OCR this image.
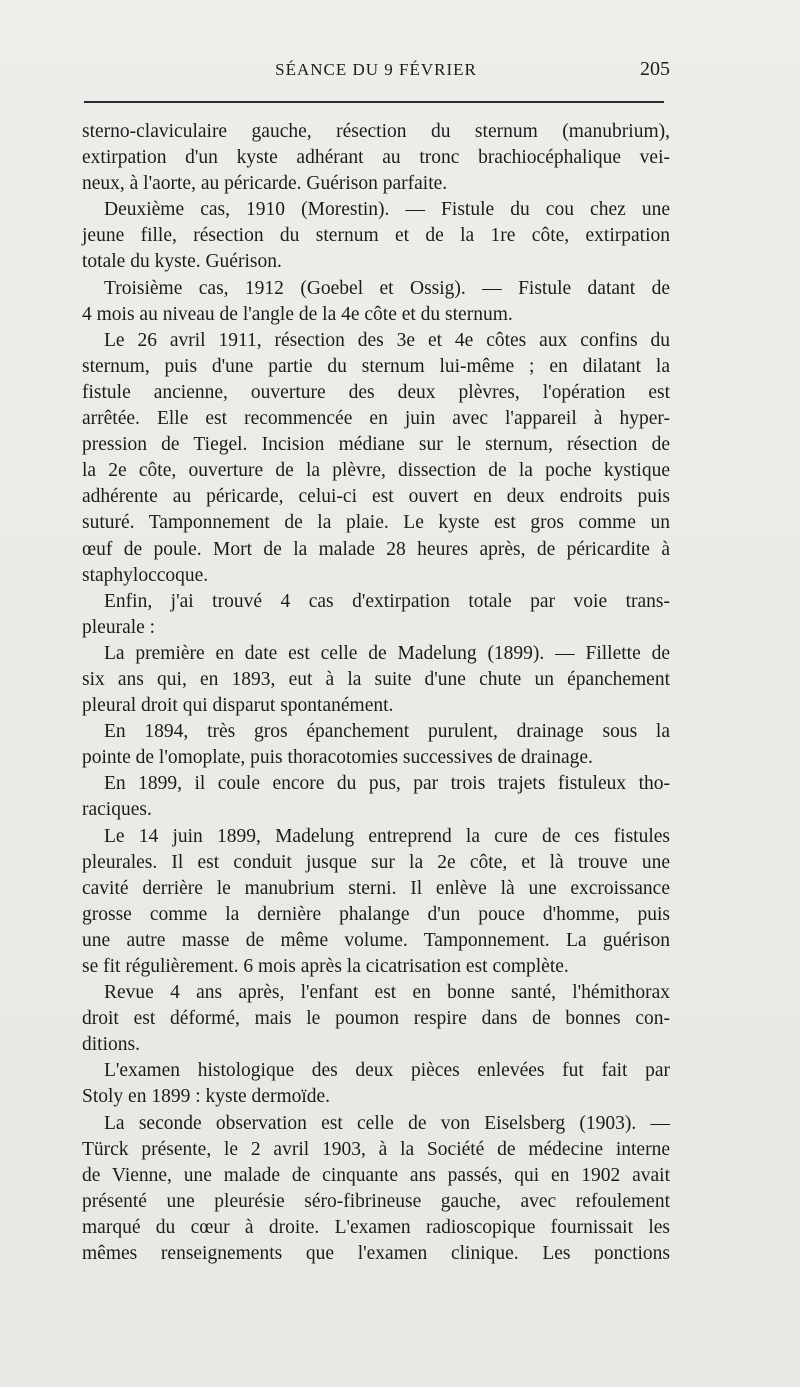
SÉANCE DU 9 FÉVRIER	205
sterno-claviculaire gauche, résection du sternum (manubrium),
extirpation d'un kyste adhérant au tronc brachiocéphalique vei-
neux, à l'aorte, au péricarde. Guérison parfaite.
Deuxième cas, 1910 (Morestin). — Fistule du cou chez une
jeune fille, résection du sternum et de la 1re côte, extirpation
totale du kyste. Guérison.
Troisième cas, 1912 (Goebel et Ossig). — Fistule datant de
4 mois au niveau de l'angle de la 4e côte et du sternum.
Le 26 avril 1911, résection des 3e et 4e côtes aux confins du
sternum, puis d'une partie du sternum lui-même ; en dilatant la
fistule ancienne, ouverture des deux plèvres, l'opération est
arrêtée. Elle est recommencée en juin avec l'appareil à hyper-
pression de Tiegel. Incision médiane sur le sternum, résection de
la 2e côte, ouverture de la plèvre, dissection de la poche kystique
adhérente au péricarde, celui-ci est ouvert en deux endroits puis
suturé. Tamponnement de la plaie. Le kyste est gros comme un
œuf de poule. Mort de la malade 28 heures après, de péricardite à
staphyloccoque.
Enfin, j'ai trouvé 4 cas d'extirpation totale par voie trans-
pleurale :
La première en date est celle de Madelung (1899). — Fillette de
six ans qui, en 1893, eut à la suite d'une chute un épanchement
pleural droit qui disparut spontanément.
En 1894, très gros épanchement purulent, drainage sous la
pointe de l'omoplate, puis thoracotomies successives de drainage.
En 1899, il coule encore du pus, par trois trajets fistuleux tho-
raciques.
Le 14 juin 1899, Madelung entreprend la cure de ces fistules
pleurales. Il est conduit jusque sur la 2e côte, et là trouve une
cavité derrière le manubrium sterni. Il enlève là une excroissance
grosse comme la dernière phalange d'un pouce d'homme, puis
une autre masse de même volume. Tamponnement. La guérison
se fit régulièrement. 6 mois après la cicatrisation est complète.
Revue 4 ans après, l'enfant est en bonne santé, l'hémithorax
droit est déformé, mais le poumon respire dans de bonnes con-
ditions.
L'examen histologique des deux pièces enlevées fut fait par
Stoly en 1899 : kyste dermoïde.
La seconde observation est celle de von Eiselsberg (1903). —
Türck présente, le 2 avril 1903, à la Société de médecine interne
de Vienne, une malade de cinquante ans passés, qui en 1902 avait
présenté une pleurésie séro-fibrineuse gauche, avec refoulement
marqué du cœur à droite. L'examen radioscopique fournissait les
mêmes renseignements que l'examen clinique. Les ponctions
